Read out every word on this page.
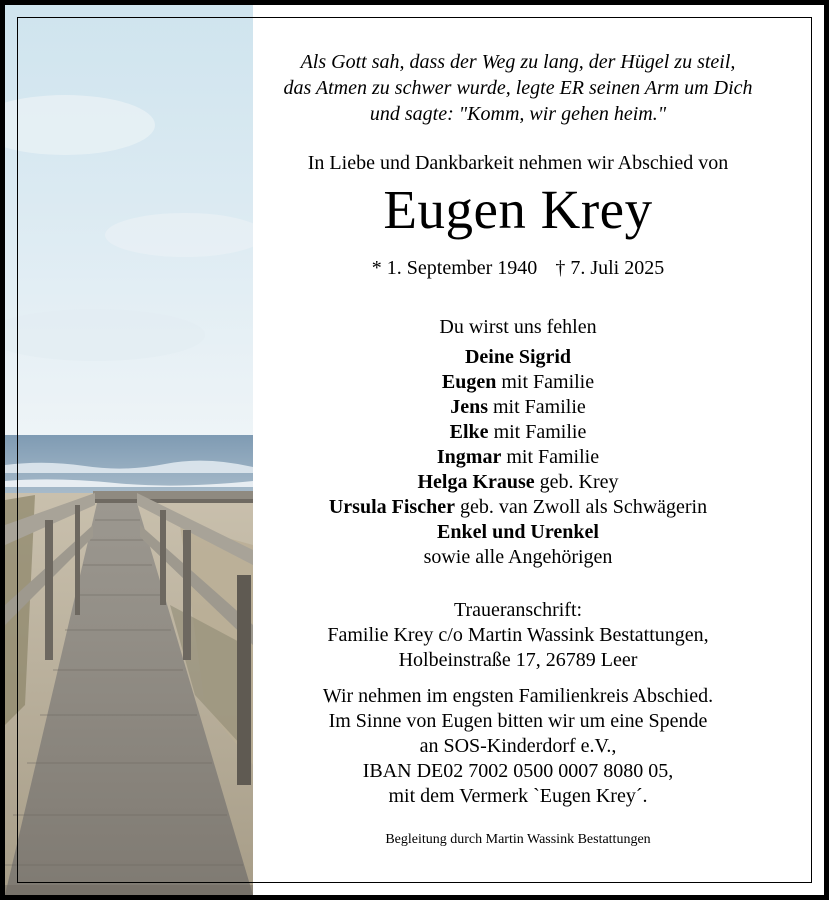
Als Gott sah, dass der Weg zu lang, der Hügel zu steil,
das Atmen zu schwer wurde, legte ER seinen Arm um Dich
und sagte: "Komm, wir gehen heim."
In Liebe und Dankbarkeit nehmen wir Abschied von
Eugen Krey
* 1. September 1940 † 7. Juli 2025
Du wirst uns fehlen
Deine Sigrid
Eugen mit Familie
Jens mit Familie
Elke mit Familie
Ingmar mit Familie
Helga Krause geb. Krey
Ursula Fischer geb. van Zwoll als Schwägerin
Enkel und Urenkel
sowie alle Angehörigen
Traueranschrift:
Familie Krey c/o Martin Wassink Bestattungen,
Holbeinstraße 17, 26789 Leer
Wir nehmen im engsten Familienkreis Abschied.
Im Sinne von Eugen bitten wir um eine Spende
an SOS-Kinderdorf e.V.,
IBAN DE02 7002 0500 0007 8080 05,
mit dem Vermerk `Eugen Krey´.
Begleitung durch Martin Wassink Bestattungen
